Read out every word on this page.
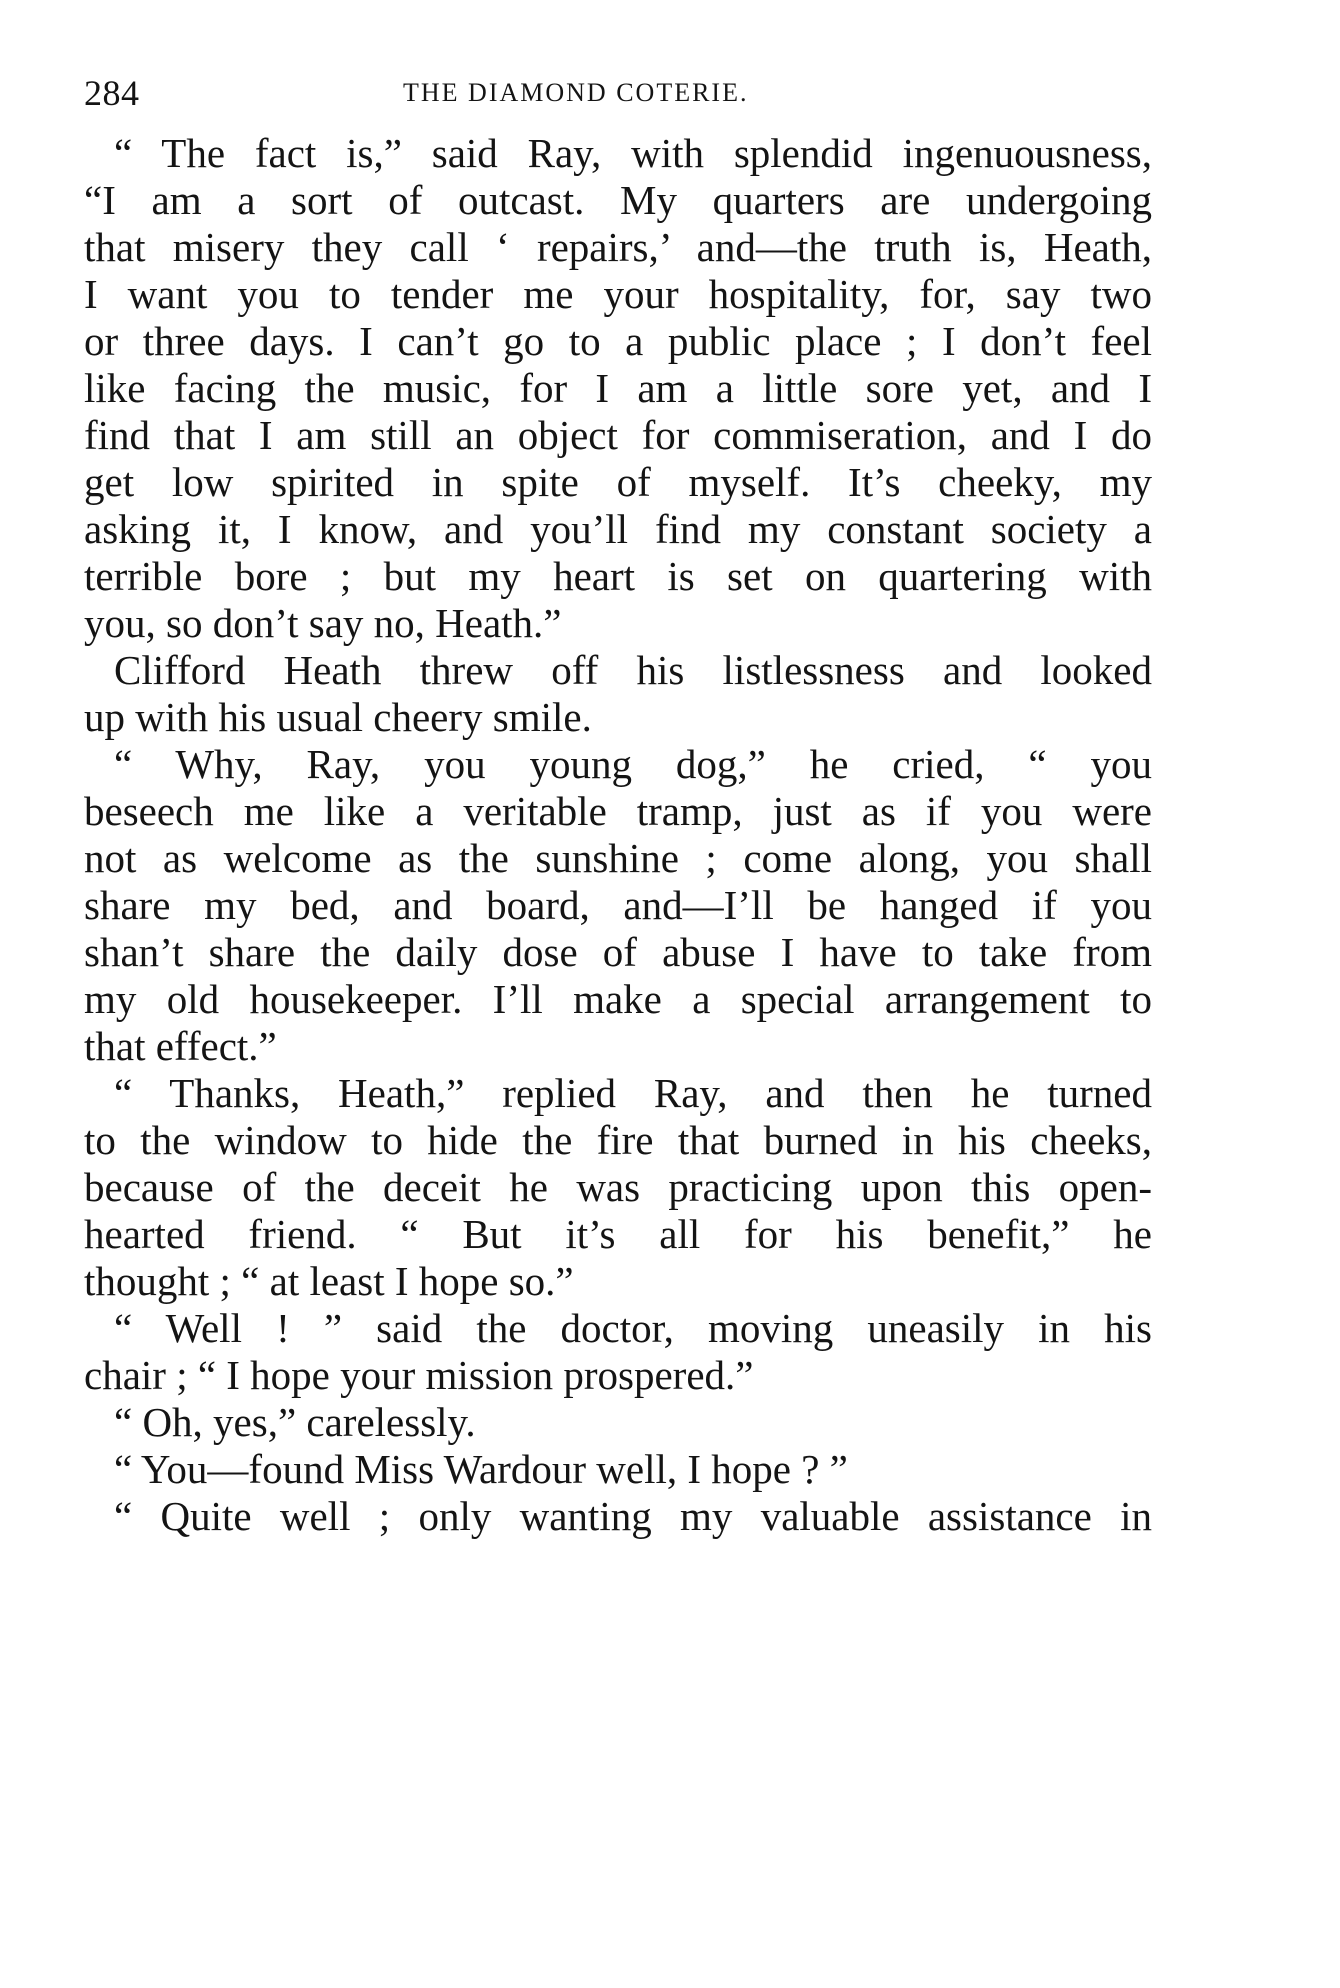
284	THE DIAMOND COTERIE.
“ The fact is,” said Ray, with splendid ingenuousness,
“I am a sort of outcast. My quarters are undergoing
that misery they call ‘ repairs,’ and—the truth is, Heath,
I want you to tender me your hospitality, for, say two
or three days. I can’t go to a public place ; I don’t feel
like facing the music, for I am a little sore yet, and I
find that I am still an object for commiseration, and I do
get low spirited in spite of myself. It’s cheeky, my
asking it, I know, and you’ll find my constant society a
terrible bore ; but my heart is set on quartering with
you, so don’t say no, Heath.”
Clifford Heath threw off his listlessness and looked
up with his usual cheery smile.
“ Why, Ray, you young dog,” he cried, “ you
beseech me like a veritable tramp, just as if you were
not as welcome as the sunshine ; come along, you shall
share my bed, and board, and—I’ll be hanged if you
shan’t share the daily dose of abuse I have to take from
my old housekeeper. I’ll make a special arrangement to
that effect.”
“ Thanks, Heath,” replied Ray, and then he turned
to the window to hide the fire that burned in his cheeks,
because of the deceit he was practicing upon this open-
hearted friend. “ But it’s all for his benefit,” he
thought ; “ at least I hope so.”
“ Well ! ” said the doctor, moving uneasily in his
chair ; “ I hope your mission prospered.”
“ Oh, yes,” carelessly.
“ You—found Miss Wardour well, I hope ? ”
“ Quite well ; only wanting my valuable assistance in
